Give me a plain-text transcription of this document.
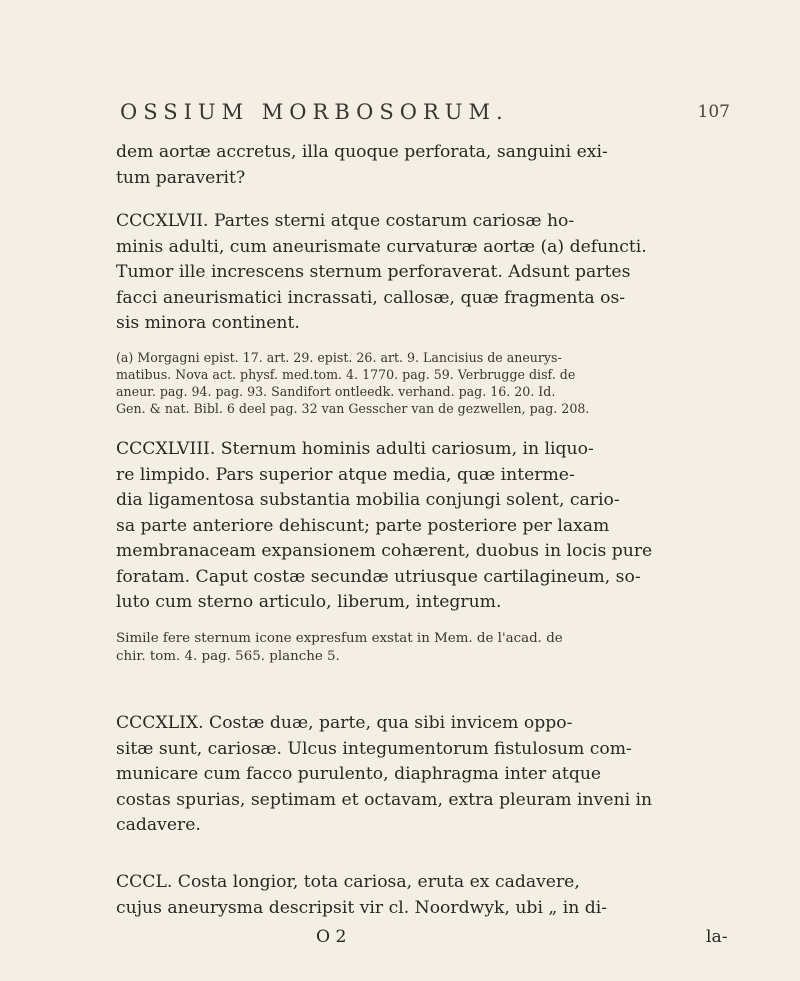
OSSIUM MORBOSORUM.	107

dem aortæ accretus, illa quoque perforata, sanguini exi-
tum paraverit?

CCCXLVII. Partes sterni atque costarum cariosæ ho-
minis adulti, cum aneurismate curvaturæ aortæ (a) defuncti.
Tumor ille increscens sternum perforaverat. Adsunt partes
facci aneurismatici incrassati, callosæ, quæ fragmenta os-
sis minora continent.

(a) Morgagni epist. 17. art. 29. epist. 26. art. 9. Lancisius de aneurys-
matibus. Nova act. physf. med.tom. 4. 1770. pag. 59. Verbrugge disf. de
aneur. pag. 94. pag. 93. Sandifort ontleedk. verhand. pag. 16. 20. Id.
Gen. & nat. Bibl. 6 deel pag. 32 van Gesscher van de gezwellen, pag. 208.

CCCXLVIII. Sternum hominis adulti cariosum, in liquo-
re limpido. Pars superior atque media, quæ interme-
dia ligamentosa substantia mobilia conjungi solent, cario-
sa parte anteriore dehiscunt; parte posteriore per laxam
membranaceam expansionem cohærent, duobus in locis pure
foratam. Caput costæ secundæ utriusque cartilagineum, so-
luto cum sterno articulo, liberum, integrum.

Simile fere sternum icone expresfum exstat in Mem. de l'acad. de
chir. tom. 4. pag. 565. planche 5.

CCCXLIX. Costæ duæ, parte, qua sibi invicem oppo-
sitæ sunt, cariosæ. Ulcus integumentorum fistulosum com-
municare cum facco purulento, diaphragma inter atque
costas spurias, septimam et octavam, extra pleuram inveni in
cadavere.

CCCL. Costa longior, tota cariosa, eruta ex cadavere,
cujus aneurysma descripsit vir cl. Noordwyk, ubi „ in di-

O 2	la-
